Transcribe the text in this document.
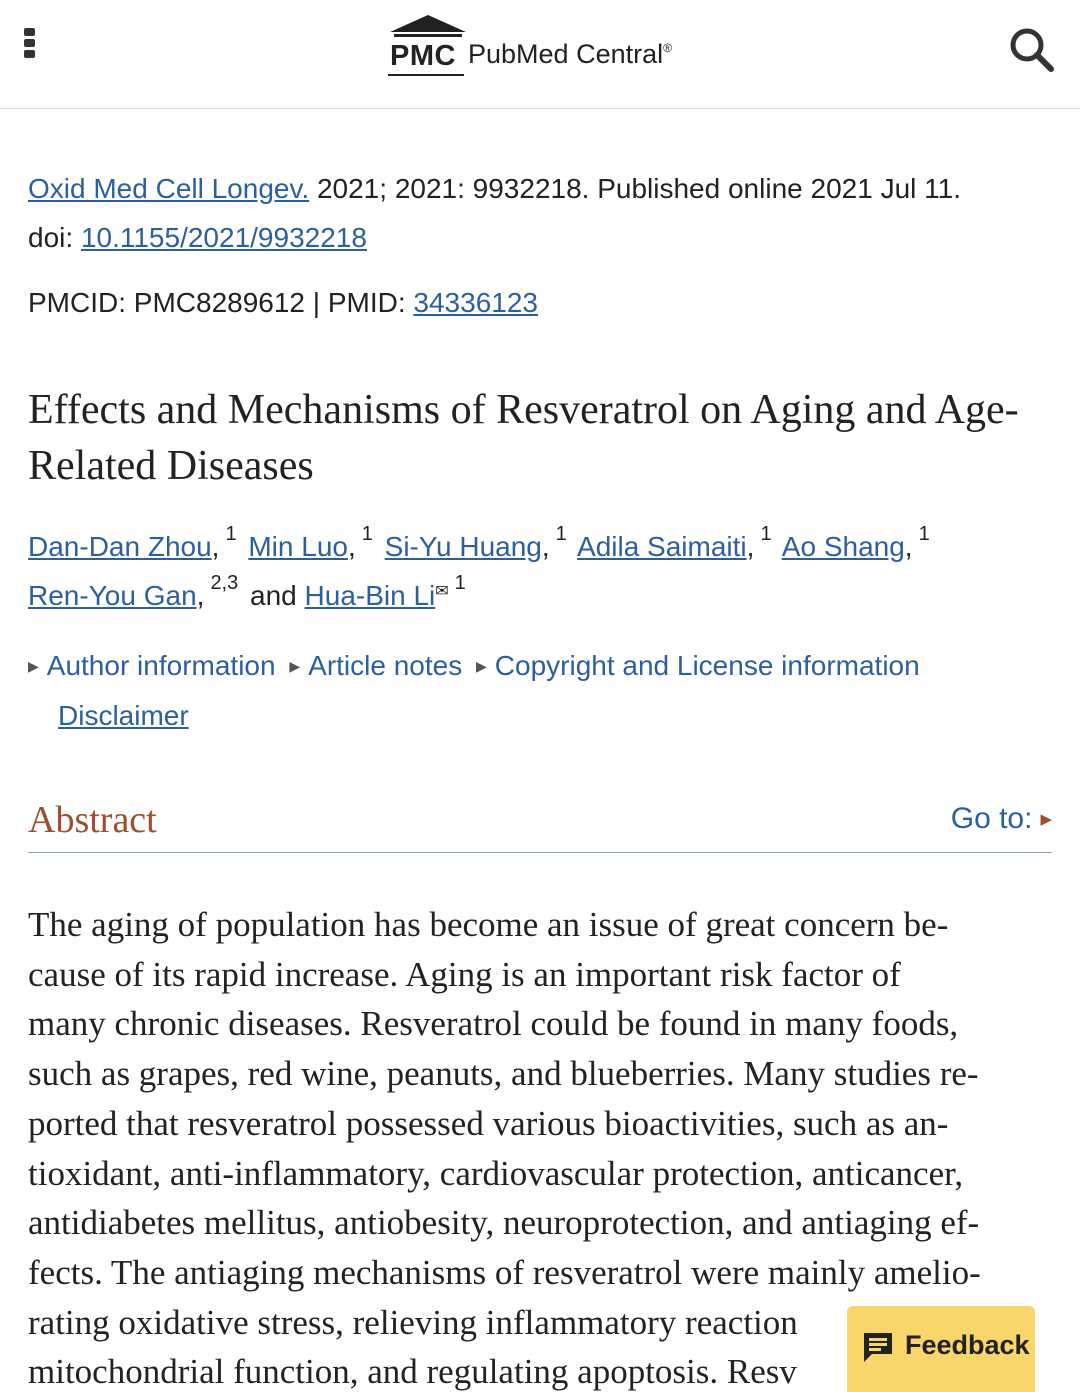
PMC PubMed Central®
Oxid Med Cell Longev. 2021; 2021: 9932218. Published online 2021 Jul 11.
doi: 10.1155/2021/9932218
PMCID: PMC8289612 | PMID: 34336123
Effects and Mechanisms of Resveratrol on Aging and Age-Related Diseases
Dan-Dan Zhou, $^1$ Min Luo, $^1$ Si-Yu Huang, $^1$ Adila Saimaiti, $^1$ Ao Shang, $^1$
Ren-You Gan, $^{2,3}$ and Hua-Bin Li✉ $^1$
▶ Author information ▶ Article notes ▶ Copyright and License information
Disclaimer
Abstract	Go to: ▶
The aging of population has become an issue of great concern be-
cause of its rapid increase. Aging is an important risk factor of
many chronic diseases. Resveratrol could be found in many foods,
such as grapes, red wine, peanuts, and blueberries. Many studies re-
ported that resveratrol possessed various bioactivities, such as an-
tioxidant, anti-inflammatory, cardiovascular protection, anticancer,
antidiabetes mellitus, antiobesity, neuroprotection, and antiaging ef-
fects. The antiaging mechanisms of resveratrol were mainly amelio-
rating oxidative stress, relieving inflammatory reaction
mitochondrial function, and regulating apoptosis. Resv
Feedback
